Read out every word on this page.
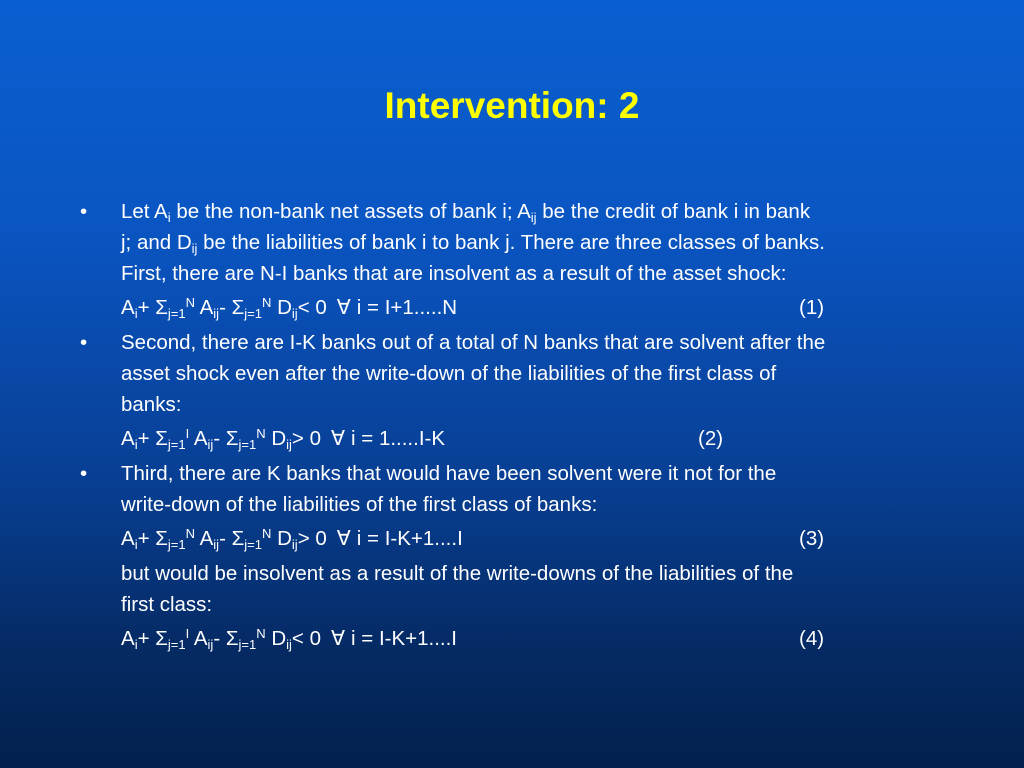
Intervention: 2
•	Let $A_i$ be the non-bank net assets of bank i; $A_{ij}$ be the credit of bank i in bank
j; and $D_{ij}$ be the liabilities of bank i to bank j. There are three classes of banks.
First, there are N-I banks that are insolvent as a result of the asset shock:
$A_i+ \Sigma_{j=1}^N$ $A_{ij}-$ $\Sigma_{j=1}^N$ $D_{ij}< 0$ ∀ i = I+1.....N	(1)
•	Second, there are I-K banks out of a total of N banks that are solvent after the
asset shock even after the write-down of the liabilities of the first class of
banks:
$A_i+ \Sigma_{j=1}^I$ $A_{ij}-$ $\Sigma_{j=1}^N$ $D_{ij}> 0$ ∀ i = 1.....I-K	(2)
•	Third, there are K banks that would have been solvent were it not for the
write-down of the liabilities of the first class of banks:
$A_i+ \Sigma_{j=1}^N$ $A_{ij}-$ $\Sigma_{j=1}^N$ $D_{ij}> 0$ ∀ i = I-K+1....I	(3)
but would be insolvent as a result of the write-downs of the liabilities of the
first class:
$A_i+ \Sigma_{j=1}^I$ $A_{ij}-$ $\Sigma_{j=1}^N$ $D_{ij}< 0$ ∀ i = I-K+1....I	(4)
